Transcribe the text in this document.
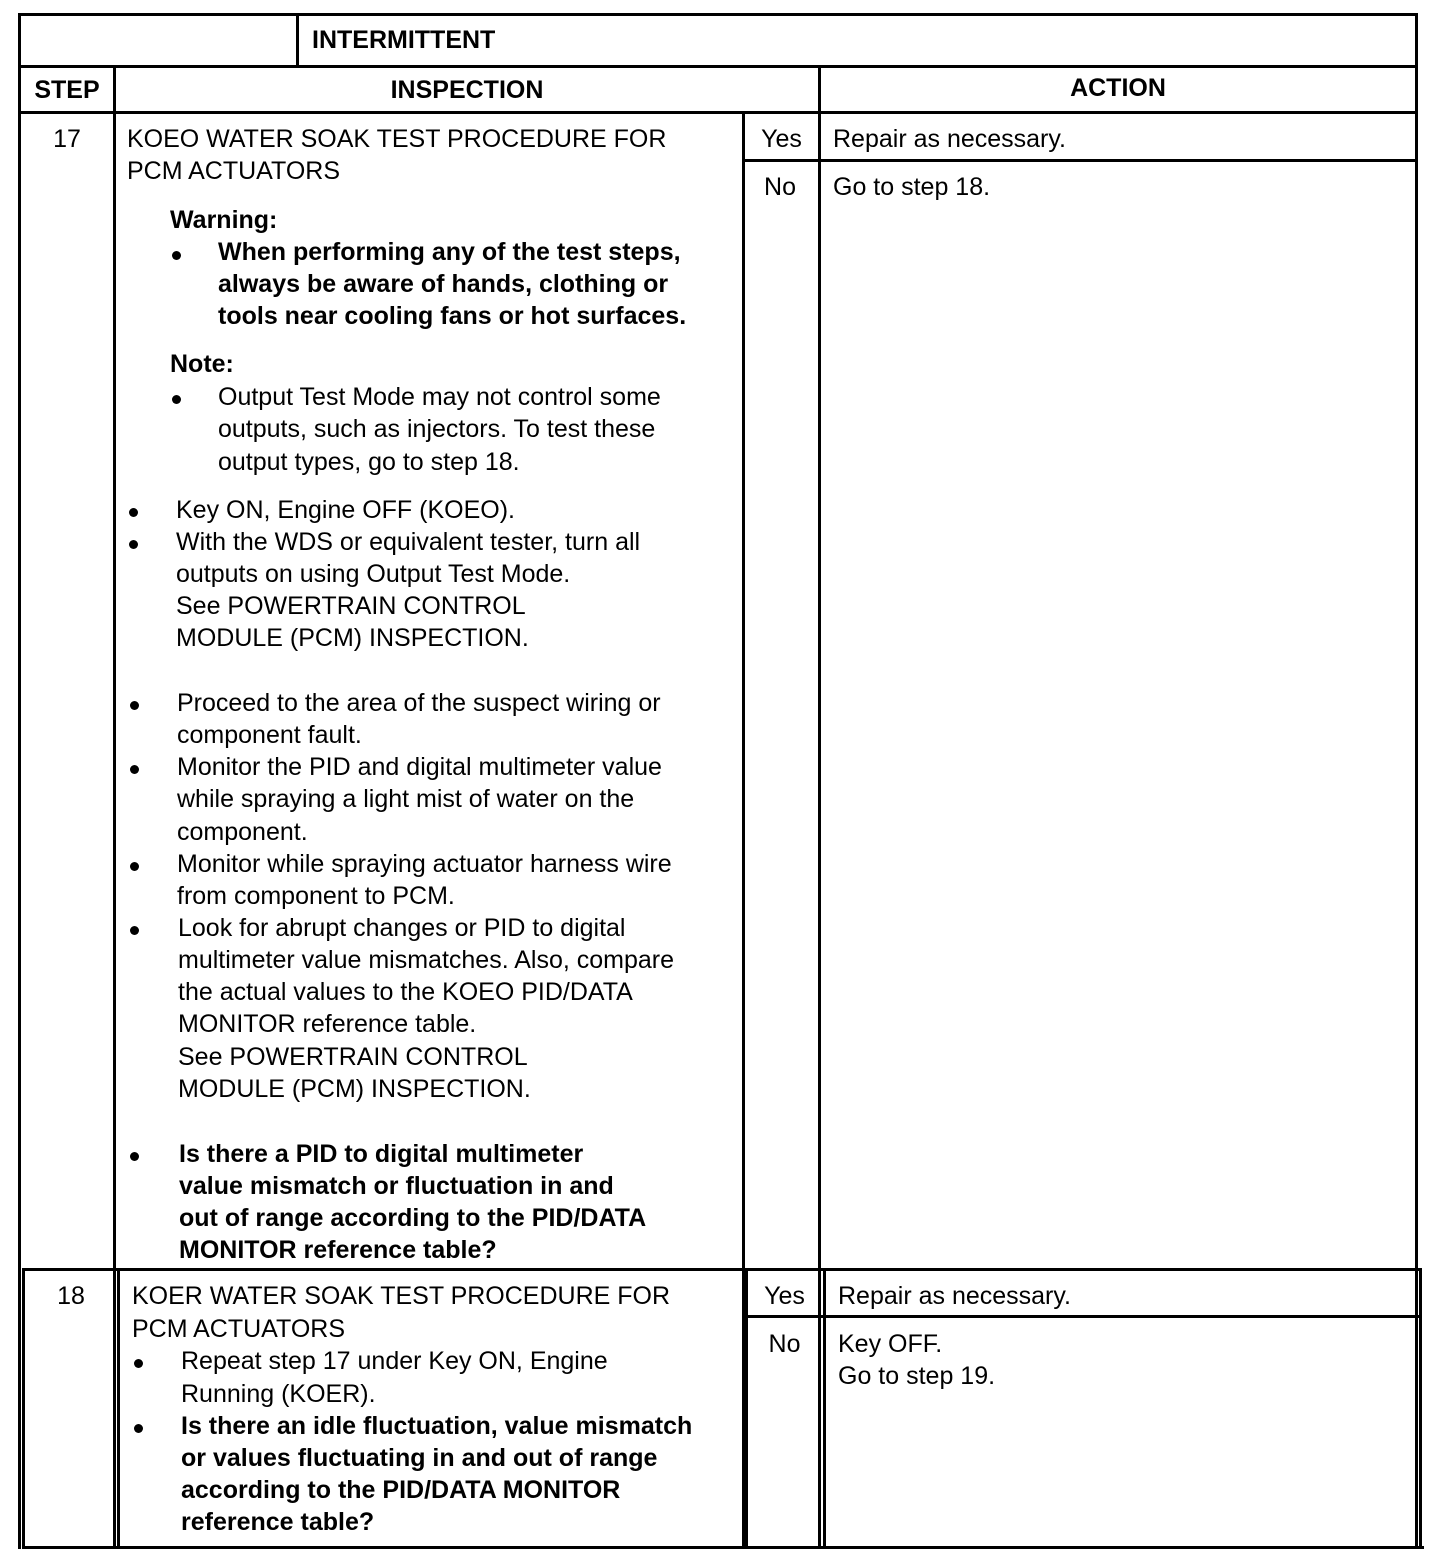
INTERMITTENT
STEP	INSPECTION	ACTION
17	KOEO WATER SOAK TEST PROCEDURE FOR
PCM ACTUATORS
Warning:
When performing any of the test steps,
always be aware of hands, clothing or
tools near cooling fans or hot surfaces.
Note:
Output Test Mode may not control some
outputs, such as injectors. To test these
output types, go to step 18.
Key ON, Engine OFF (KOEO).
With the WDS or equivalent tester, turn all
outputs on using Output Test Mode.
See POWERTRAIN CONTROL
MODULE (PCM) INSPECTION.
Proceed to the area of the suspect wiring or
component fault.
Monitor the PID and digital multimeter value
while spraying a light mist of water on the
component.
Monitor while spraying actuator harness wire
from component to PCM.
Look for abrupt changes or PID to digital
multimeter value mismatches. Also, compare
the actual values to the KOEO PID/DATA
MONITOR reference table.
See POWERTRAIN CONTROL
MODULE (PCM) INSPECTION.
Is there a PID to digital multimeter
value mismatch or fluctuation in and
out of range according to the PID/DATA
MONITOR reference table?
Yes	Repair as necessary.
No	Go to step 18.
18	KOER WATER SOAK TEST PROCEDURE FOR
PCM ACTUATORS
Repeat step 17 under Key ON, Engine
Running (KOER).
Is there an idle fluctuation, value mismatch
or values fluctuating in and out of range
according to the PID/DATA MONITOR
reference table?
Yes	Repair as necessary.
No	Key OFF.
Go to step 19.
